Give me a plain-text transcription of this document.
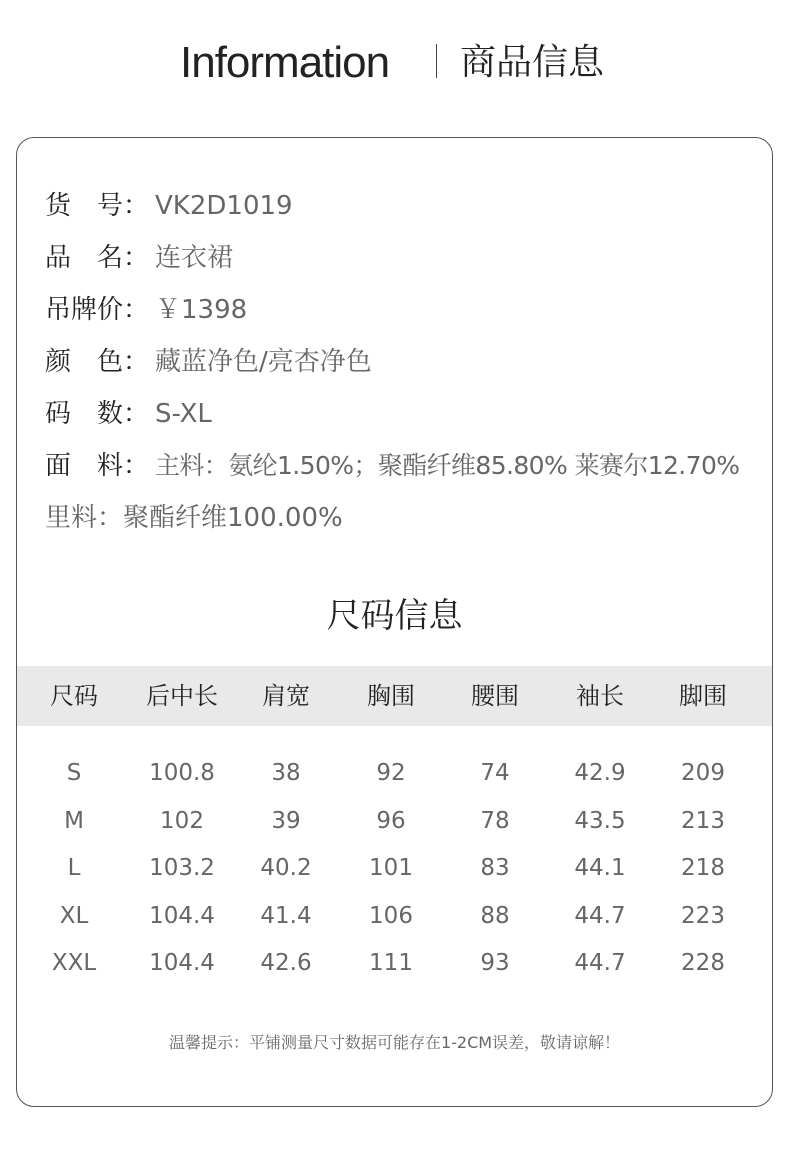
Information 商品信息
货　号： VK2D1019
品　名： 连衣裙
吊牌价： ￥1398
颜　色： 藏蓝净色/亮杏净色
码　数： S-XL
面　料： 主料：氨纶1.50%；聚酯纤维85.80% 莱赛尔12.70%
里料：聚酯纤维100.00%
尺码信息
尺码	后中长	肩宽	胸围	腰围	袖长	脚围
S	100.8	38	92	74	42.9	209
M	102	39	96	78	43.5	213
L	103.2	40.2	101	83	44.1	218
XL	104.4	41.4	106	88	44.7	223
XXL	104.4	42.6	111	93	44.7	228
温馨提示：平铺测量尺寸数据可能存在1-2CM误差，敬请谅解！
